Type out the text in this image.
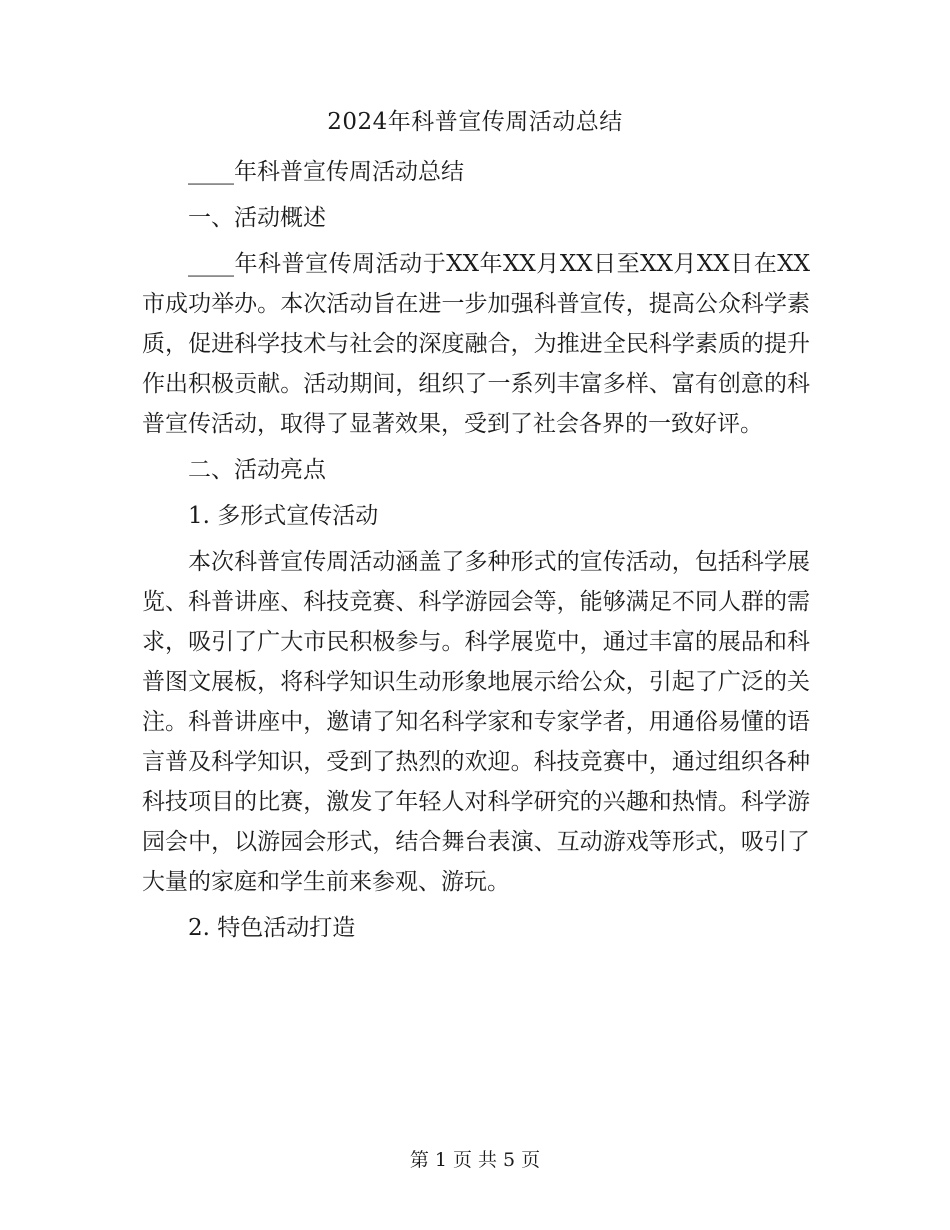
2024年科普宣传周活动总结

____年科普宣传周活动总结

一、活动概述

____年科普宣传周活动于XX年XX月XX日至XX月XX日在XX市成功举办。本次活动旨在进一步加强科普宣传，提高公众科学素质，促进科学技术与社会的深度融合，为推进全民科学素质的提升作出积极贡献。活动期间，组织了一系列丰富多样、富有创意的科普宣传活动，取得了显著效果，受到了社会各界的一致好评。

二、活动亮点

1. 多形式宣传活动

本次科普宣传周活动涵盖了多种形式的宣传活动，包括科学展览、科普讲座、科技竞赛、科学游园会等，能够满足不同人群的需求，吸引了广大市民积极参与。科学展览中，通过丰富的展品和科普图文展板，将科学知识生动形象地展示给公众，引起了广泛的关注。科普讲座中，邀请了知名科学家和专家学者，用通俗易懂的语言普及科学知识，受到了热烈的欢迎。科技竞赛中，通过组织各种科技项目的比赛，激发了年轻人对科学研究的兴趣和热情。科学游园会中，以游园会形式，结合舞台表演、互动游戏等形式，吸引了大量的家庭和学生前来参观、游玩。

2. 特色活动打造

第 1 页 共 5 页
